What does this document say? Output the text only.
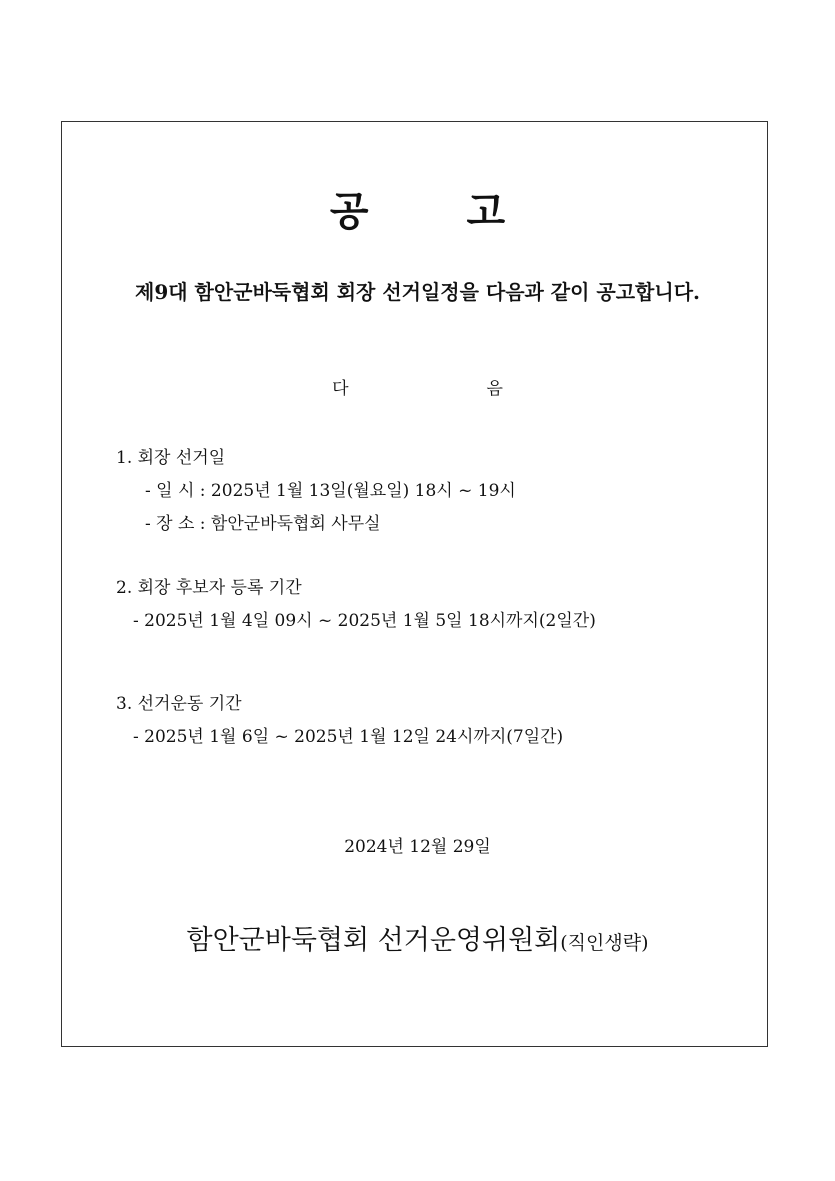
공 고
제9대 함안군바둑협회 회장 선거일정을 다음과 같이 공고합니다.
다	음
1. 회장 선거일
- 일 시 : 2025년 1월 13일(월요일) 18시 ~ 19시
- 장 소 : 함안군바둑협회 사무실
2. 회장 후보자 등록 기간
- 2025년 1월 4일 09시 ~ 2025년 1월 5일 18시까지(2일간)
3. 선거운동 기간
- 2025년 1월 6일 ~ 2025년 1월 12일 24시까지(7일간)
2024년 12월 29일
함안군바둑협회 선거운영위원회(직인생략)
